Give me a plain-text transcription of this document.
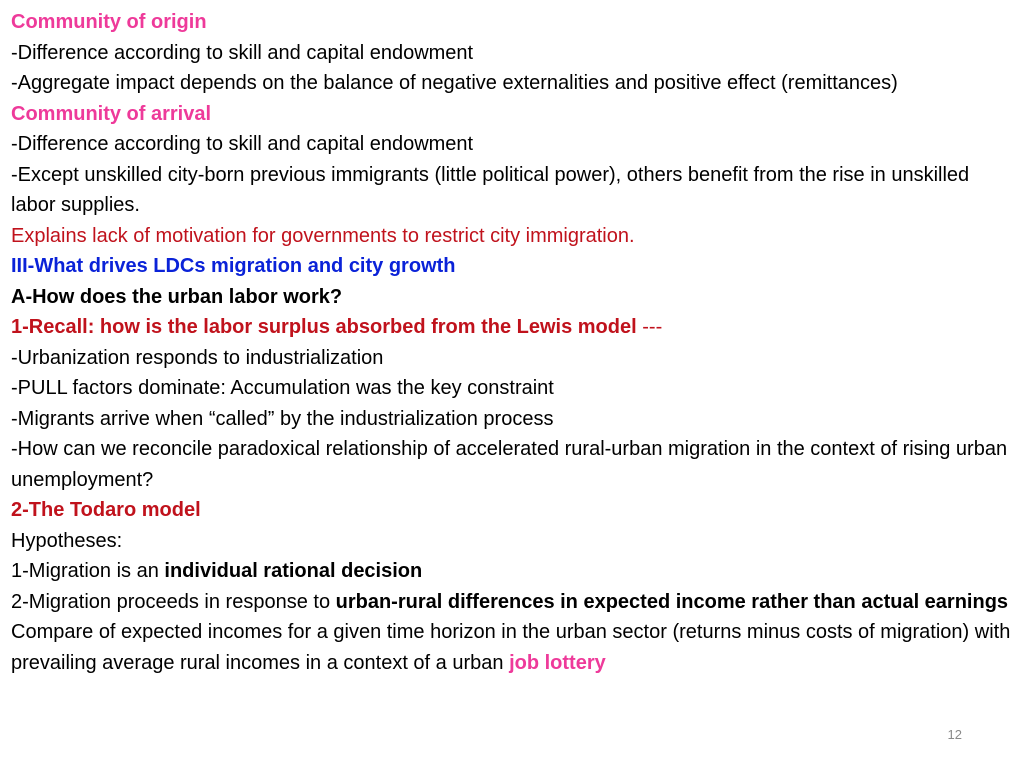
Community of origin

-Difference according to skill and capital endowment

-Aggregate impact depends on the balance of negative externalities and positive effect (remittances)

Community of arrival

-Difference according to skill and capital endowment

-Except unskilled city-born previous immigrants (little political power), others benefit from the rise in unskilled labor supplies.

Explains lack of motivation for governments to restrict city immigration.

III-What drives LDCs migration and city growth

A-How does the urban labor work?

1-Recall: how is the labor surplus absorbed from the Lewis model ---

-Urbanization responds to industrialization

-PULL factors dominate: Accumulation was the key constraint

-Migrants arrive when “called” by the industrialization process

-How can we reconcile paradoxical relationship of accelerated rural-urban migration in the context of rising urban unemployment?

2-The Todaro model

Hypotheses:

1-Migration is an individual rational decision

2-Migration proceeds in response to urban-rural differences in expected income rather than actual earnings

Compare of expected incomes for a given time horizon in the urban sector (returns minus costs of migration) with prevailing average rural incomes in a context of a urban job lottery

12
